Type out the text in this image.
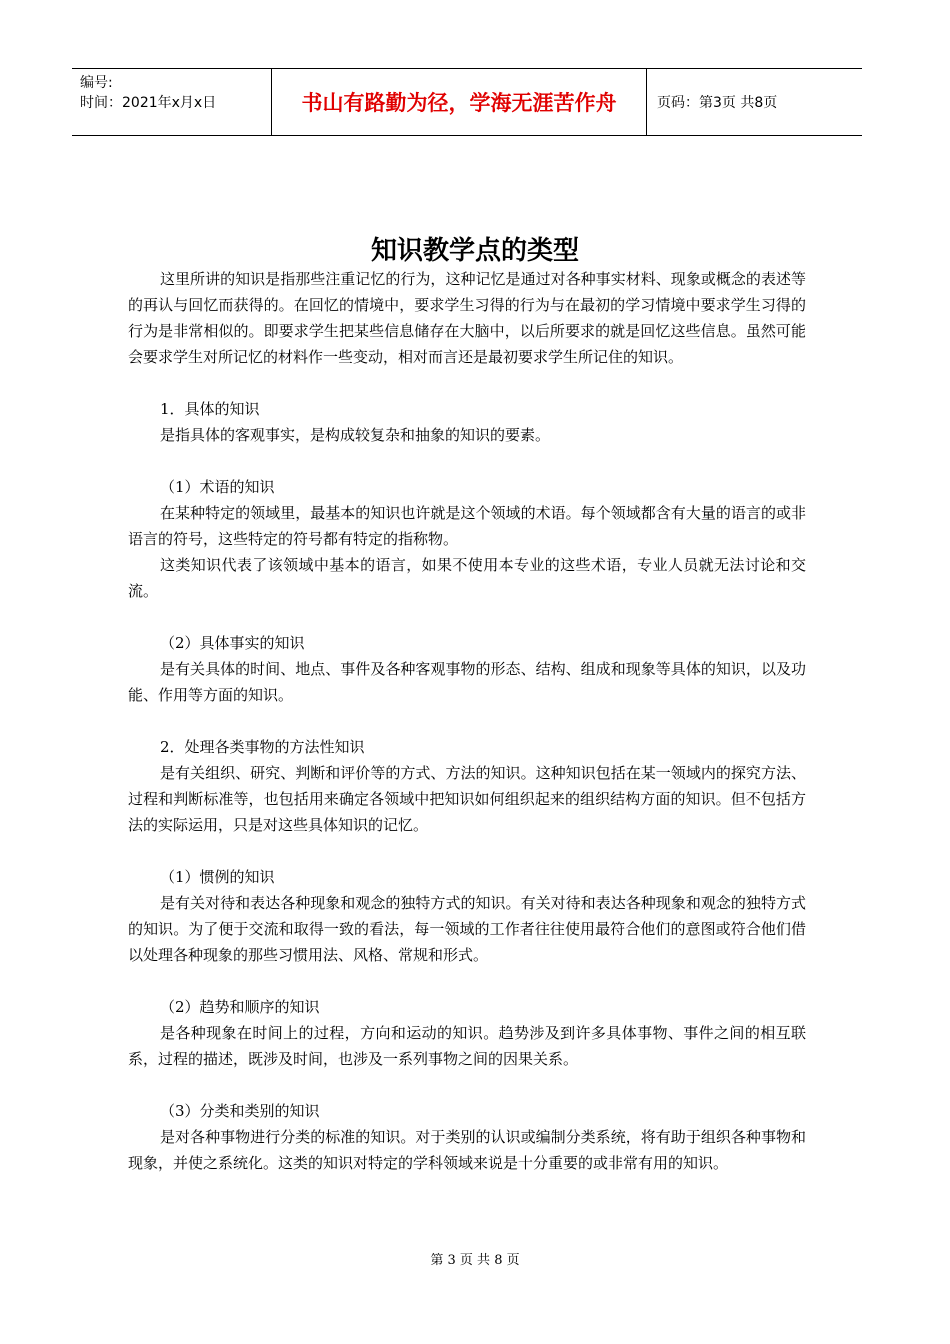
编号:
时间：2021年x月x日	书山有路勤为径，学海无涯苦作舟	页码：第3页 共8页
知识教学点的类型

这里所讲的知识是指那些注重记忆的行为，这种记忆是通过对各种事实材料、现象或概念的表述等的再认与回忆而获得的。在回忆的情境中，要求学生习得的行为与在最初的学习情境中要求学生习得的行为是非常相似的。即要求学生把某些信息储存在大脑中，以后所要求的就是回忆这些信息。虽然可能会要求学生对所记忆的材料作一些变动，相对而言还是最初要求学生所记住的知识。

1．具体的知识

是指具体的客观事实，是构成较复杂和抽象的知识的要素。

（1）术语的知识

在某种特定的领域里，最基本的知识也许就是这个领域的术语。每个领域都含有大量的语言的或非语言的符号，这些特定的符号都有特定的指称物。

这类知识代表了该领域中基本的语言，如果不使用本专业的这些术语，专业人员就无法讨论和交流。

（2）具体事实的知识

是有关具体的时间、地点、事件及各种客观事物的形态、结构、组成和现象等具体的知识，以及功能、作用等方面的知识。

2．处理各类事物的方法性知识

是有关组织、研究、判断和评价等的方式、方法的知识。这种知识包括在某一领域内的探究方法、过程和判断标准等，也包括用来确定各领域中把知识如何组织起来的组织结构方面的知识。但不包括方法的实际运用，只是对这些具体知识的记忆。

（1）惯例的知识

是有关对待和表达各种现象和观念的独特方式的知识。有关对待和表达各种现象和观念的独特方式的知识。为了便于交流和取得一致的看法，每一领域的工作者往往使用最符合他们的意图或符合他们借以处理各种现象的那些习惯用法、风格、常规和形式。

（2）趋势和顺序的知识

是各种现象在时间上的过程，方向和运动的知识。趋势涉及到许多具体事物、事件之间的相互联系，过程的描述，既涉及时间，也涉及一系列事物之间的因果关系。

（3）分类和类别的知识

是对各种事物进行分类的标准的知识。对于类别的认识或编制分类系统，将有助于组织各种事物和现象，并使之系统化。这类的知识对特定的学科领域来说是十分重要的或非常有用的知识。

第 3 页 共 8 页
